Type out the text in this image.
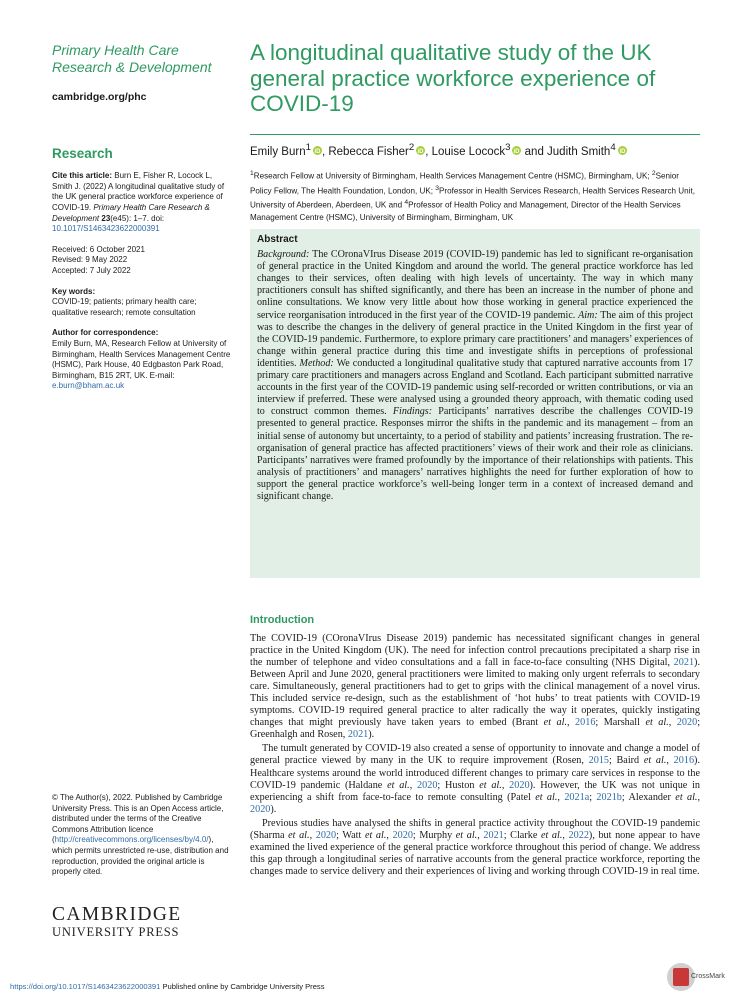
Primary Health Care
Research & Development
cambridge.org/phc
Research
Cite this article: Burn E, Fisher R, Locock L, Smith J. (2022) A longitudinal qualitative study of the UK general practice workforce experience of COVID-19. Primary Health Care Research & Development 23(e45): 1–7. doi: 10.1017/S1463423622000391
Received: 6 October 2021
Revised: 9 May 2022
Accepted: 7 July 2022
Key words:
COVID-19; patients; primary health care; qualitative research; remote consultation
Author for correspondence:
Emily Burn, MA, Research Fellow at University of Birmingham, Health Services Management Centre (HSMC), Park House, 40 Edgbaston Park Road, Birmingham, B15 2RT, UK. E-mail: e.burn@bham.ac.uk
© The Author(s), 2022. Published by Cambridge University Press. This is an Open Access article, distributed under the terms of the Creative Commons Attribution licence (http://creativecommons.org/licenses/by/4.0/), which permits unrestricted re-use, distribution and reproduction, provided the original article is properly cited.
CAMBRIDGE
UNIVERSITY PRESS
A longitudinal qualitative study of the UK general practice workforce experience of COVID-19
Emily Burn$^1$ iD , Rebecca Fisher$^2$ iD , Louise Locock$^3$ iD and Judith Smith$^4$ iD
$^1$Research Fellow at University of Birmingham, Health Services Management Centre (HSMC), Birmingham, UK; $^2$Senior Policy Fellow, The Health Foundation, London, UK; $^3$Professor in Health Services Research, Health Services Research Unit, University of Aberdeen, Aberdeen, UK and $^4$Professor of Health Policy and Management, Director of the Health Services Management Centre (HSMC), University of Birmingham, Birmingham, UK
Abstract
Background: The COronaVIrus Disease 2019 (COVID-19) pandemic has led to significant re-organisation of general practice in the United Kingdom and around the world. The general practice workforce has led changes to their services, often dealing with high levels of uncertainty. The way in which many practitioners consult has shifted significantly, and there has been an increase in the number of phone and online consultations. We know very little about how those working in general practice experienced the service reorganisation introduced in the first year of the COVID-19 pandemic. Aim: The aim of this project was to describe the changes in the delivery of general practice in the United Kingdom in the first year of the COVID-19 pandemic. Furthermore, to explore primary care practitioners’ and managers’ experiences of change within general practice during this time and investigate shifts in perceptions of professional identities. Method: We conducted a longitudinal qualitative study that captured narrative accounts from 17 primary care practitioners and managers across England and Scotland. Each participant submitted narrative accounts in the first year of the COVID-19 pandemic using self-recorded or written contributions, or via an interview if preferred. These were analysed using a grounded theory approach, with thematic coding used to construct common themes. Findings: Participants’ narratives describe the challenges COVID-19 presented to general practice. Responses mirror the shifts in the pandemic and its management – from an initial sense of autonomy but uncertainty, to a period of stability and patients’ increasing frustration. The re-organisation of general practice has affected practitioners’ views of their work and their role as clinicians. Participants’ narratives were framed profoundly by the importance of their relationships with patients. This analysis of practitioners’ and managers’ narratives highlights the need for further exploration of how to support the general practice workforce’s well-being longer term in a context of increased demand and significant change.
Introduction

The COVID-19 (COronaVIrus Disease 2019) pandemic has necessitated significant changes in general practice in the United Kingdom (UK). The need for infection control precautions precipitated a sharp rise in the number of telephone and video consultations and a fall in face-to-face consulting (NHS Digital, 2021). Between April and June 2020, general practitioners were limited to making only urgent referrals to secondary care. Simultaneously, general practitioners had to get to grips with the clinical management of a novel virus. This included service re-design, such as the establishment of ‘hot hubs’ to treat patients with COVID-19 symptoms. COVID-19 required general practice to alter radically the way it operates, quickly instigating changes that might previously have taken years to embed (Brant et al., 2016; Marshall et al., 2020; Greenhalgh and Rosen, 2021).

The tumult generated by COVID-19 also created a sense of opportunity to innovate and change a model of general practice viewed by many in the UK to require improvement (Rosen, 2015; Baird et al., 2016). Healthcare systems around the world introduced different changes to primary care services in response to the COVID-19 pandemic (Haldane et al., 2020; Huston et al., 2020). However, the UK was not unique in experiencing a shift from face-to-face to remote consulting (Patel et al., 2021a; 2021b; Alexander et al., 2020).

Previous studies have analysed the shifts in general practice activity throughout the COVID-19 pandemic (Sharma et al., 2020; Watt et al., 2020; Murphy et al., 2021; Clarke et al., 2022), but none appear to have examined the lived experience of the general practice workforce throughout this period of change. We address this gap through a longitudinal series of narrative accounts from the general practice workforce, reporting the changes made to service delivery and their experiences of living and working through COVID-19 in real time.

https://doi.org/10.1017/S1463423622000391 Published online by Cambridge University Press
CrossMark
